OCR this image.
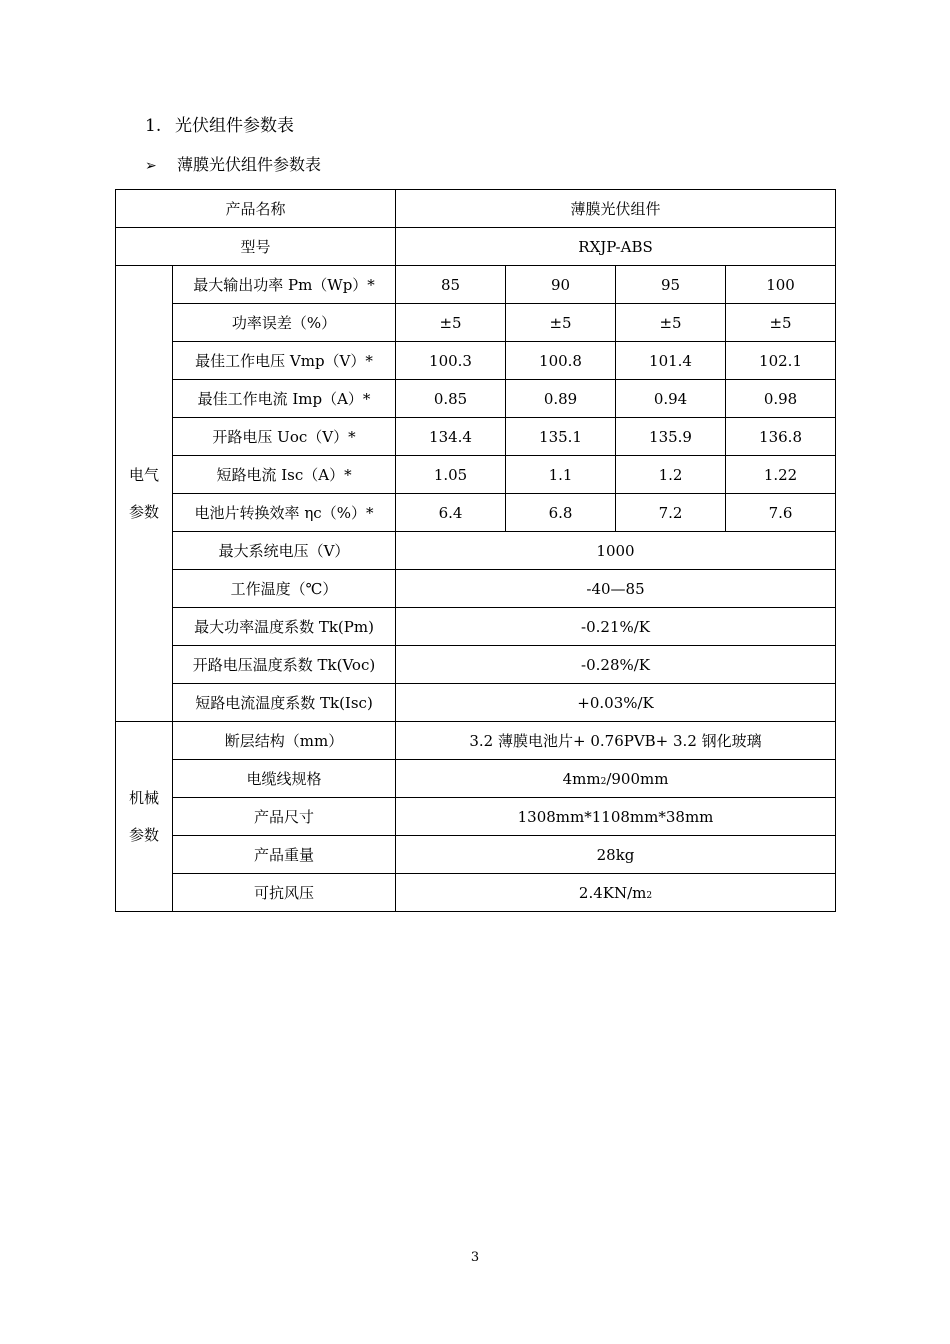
1. 光伏组件参数表
➢ 薄膜光伏组件参数表
产品名称		薄膜光伏组件			
型号		RXJP-ABS			

电气
参数	最大输出功率 Pm（Wp）*	85	90	95	100
	功率误差（%）	±5	±5	±5	±5
	最佳工作电压 Vmp（V）*	100.3	100.8	101.4	102.1
	最佳工作电流 Imp（A）*	0.85	0.89	0.94	0.98
	开路电压 Uoc（V）*	134.4	135.1	135.9	136.8
	短路电流 Isc（A）*	1.05	1.1	1.2	1.22
	电池片转换效率 ηc（%）*	6.4	6.8	7.2	7.6
	最大系统电压（V）	1000			
	工作温度（℃）	-40—85			
	最大功率温度系数 Tk(Pm)	-0.21%/K			
	开路电压温度系数 Tk(Voc)	-0.28%/K			
	短路电流温度系数 Tk(Isc)	+0.03%/K			

机械
参数	断层结构（mm）	3.2 薄膜电池片+ 0.76PVB+ 3.2 钢化玻璃			
	电缆线规格	4mm2/900mm			
	产品尺寸	1308mm*1108mm*38mm			
	产品重量	28kg			
	可抗风压	2.4KN/m2			
3
